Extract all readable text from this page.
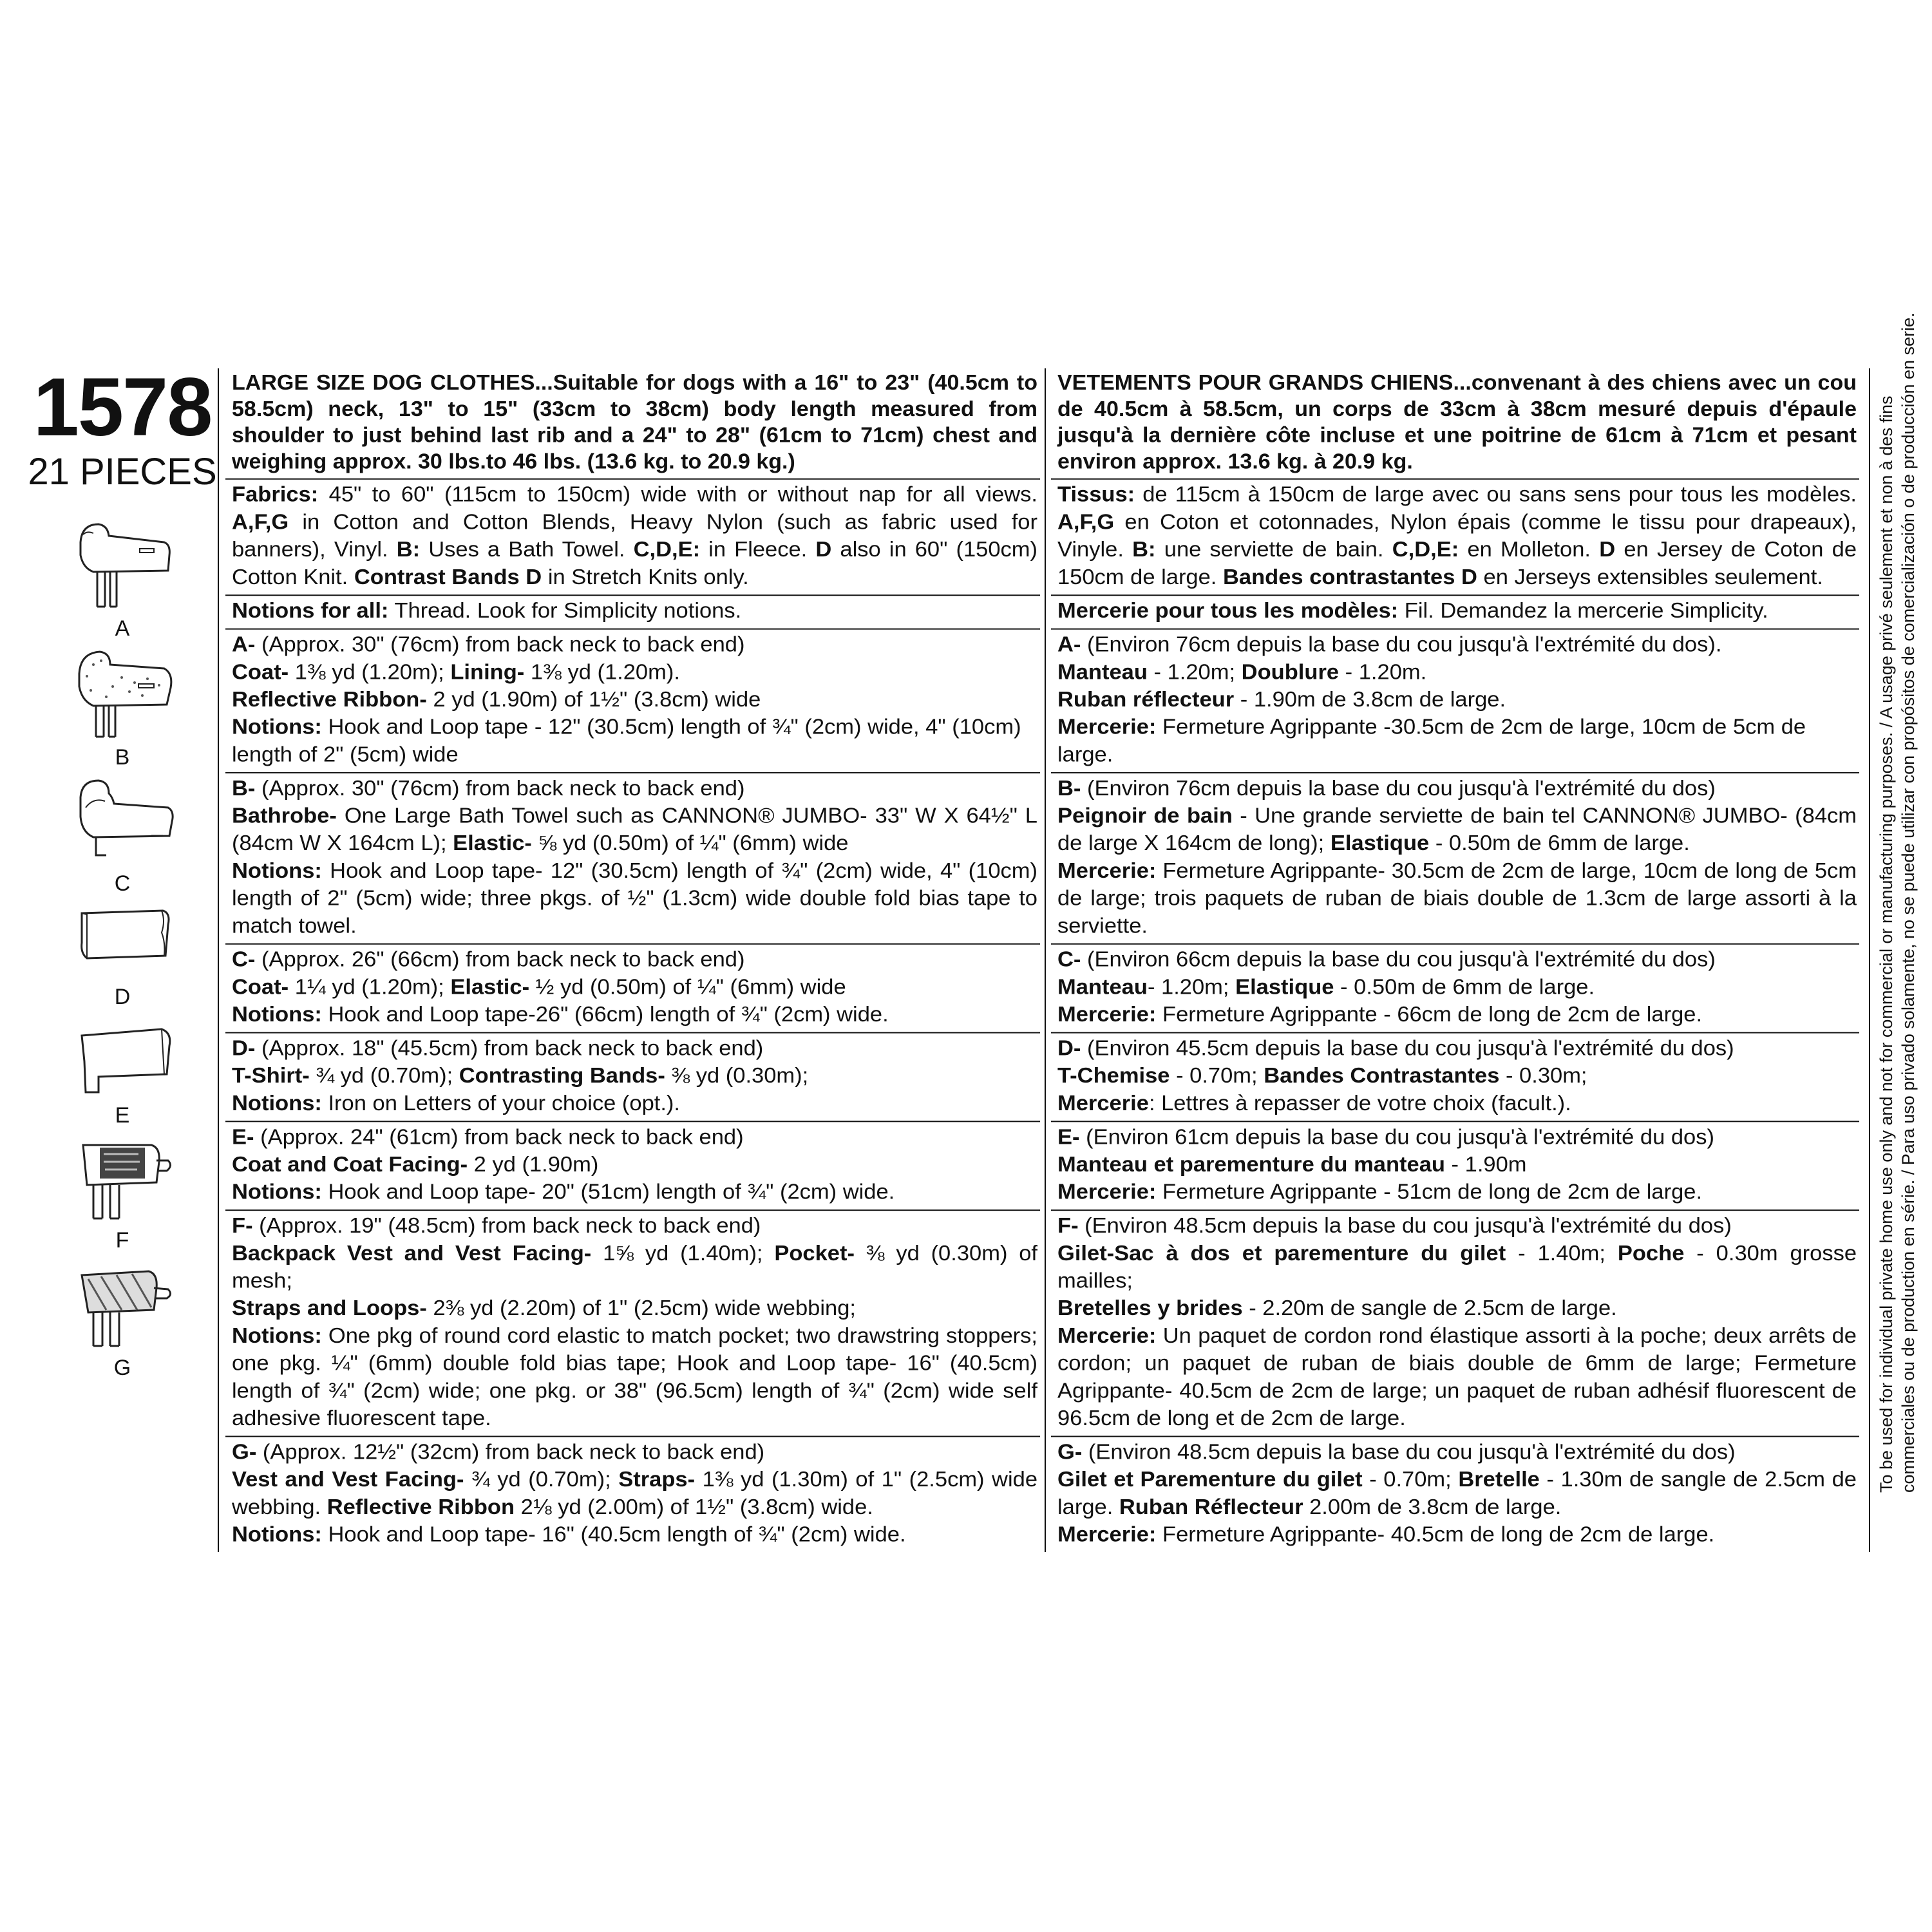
1578
21 PIECES
A
B
C
D
E
F
G

LARGE SIZE DOG CLOTHES...Suitable for dogs with a 16" to 23" (40.5cm to 58.5cm) neck, 13" to 15" (33cm to 38cm) body length measured from shoulder to just behind last rib and a 24" to 28" (61cm to 71cm) chest and weighing approx. 30 lbs.to 46 lbs. (13.6 kg. to 20.9 kg.)

Fabrics: 45" to 60" (115cm to 150cm) wide with or without nap for all views. A,F,G in Cotton and Cotton Blends, Heavy Nylon (such as fabric used for banners), Vinyl. B: Uses a Bath Towel. C,D,E: in Fleece. D also in 60" (150cm) Cotton Knit. Contrast Bands D in Stretch Knits only.

Notions for all: Thread. Look for Simplicity notions.

A- (Approx. 30" (76cm) from back neck to back end)

Coat- 1⅜ yd (1.20m); Lining- 1⅜ yd (1.20m).

Reflective Ribbon- 2 yd (1.90m) of 1½" (3.8cm) wide

Notions: Hook and Loop tape - 12" (30.5cm) length of ¾" (2cm) wide, 4" (10cm) length of 2" (5cm) wide

B- (Approx. 30" (76cm) from back neck to back end)

Bathrobe- One Large Bath Towel such as CANNON® JUMBO- 33" W X 64½" L (84cm W X 164cm L); Elastic- ⅝ yd (0.50m) of ¼" (6mm) wide

Notions: Hook and Loop tape- 12" (30.5cm) length of ¾" (2cm) wide, 4" (10cm) length of 2" (5cm) wide; three pkgs. of ½" (1.3cm) wide double fold bias tape to match towel.

C- (Approx. 26" (66cm) from back neck to back end)

Coat- 1¼ yd (1.20m); Elastic- ½ yd (0.50m) of ¼" (6mm) wide

Notions: Hook and Loop tape-26" (66cm) length of ¾" (2cm) wide.

D- (Approx. 18" (45.5cm) from back neck to back end)

T-Shirt- ¾ yd (0.70m); Contrasting Bands- ⅜ yd (0.30m);

Notions: Iron on Letters of your choice (opt.).

E- (Approx. 24" (61cm) from back neck to back end)

Coat and Coat Facing- 2 yd (1.90m)

Notions: Hook and Loop tape- 20" (51cm) length of ¾" (2cm) wide.

F- (Approx. 19" (48.5cm) from back neck to back end)

Backpack Vest and Vest Facing- 1⅝ yd (1.40m); Pocket- ⅜ yd (0.30m) of mesh;

Straps and Loops- 2⅜ yd (2.20m) of 1" (2.5cm) wide webbing;

Notions: One pkg of round cord elastic to match pocket; two drawstring stoppers; one pkg. ¼" (6mm) double fold bias tape; Hook and Loop tape- 16" (40.5cm) length of ¾" (2cm) wide; one pkg. or 38" (96.5cm) length of ¾" (2cm) wide self adhesive fluorescent tape.

G- (Approx. 12½" (32cm) from back neck to back end)

Vest and Vest Facing- ¾ yd (0.70m); Straps- 1⅜ yd (1.30m) of 1" (2.5cm) wide webbing. Reflective Ribbon 2⅛ yd (2.00m) of 1½" (3.8cm) wide.

Notions: Hook and Loop tape- 16" (40.5cm length of ¾" (2cm) wide.

VETEMENTS POUR GRANDS CHIENS...convenant à des chiens avec un cou de 40.5cm à 58.5cm, un corps de 33cm à 38cm mesuré depuis d'épaule jusqu'à la dernière côte incluse et une poitrine de 61cm à 71cm et pesant environ approx. 13.6 kg. à 20.9 kg.

Tissus: de 115cm à 150cm de large avec ou sans sens pour tous les modèles. A,F,G en Coton et cotonnades, Nylon épais (comme le tissu pour drapeaux), Vinyle. B: une serviette de bain. C,D,E: en Molleton. D en Jersey de Coton de 150cm de large. Bandes contrastantes D en Jerseys extensibles seulement.

Mercerie pour tous les modèles: Fil. Demandez la mercerie Simplicity.

A- (Environ 76cm depuis la base du cou jusqu'à l'extrémité du dos).

Manteau - 1.20m; Doublure - 1.20m.

Ruban réflecteur - 1.90m de 3.8cm de large.

Mercerie: Fermeture Agrippante -30.5cm de 2cm de large, 10cm de 5cm de large.

B- (Environ 76cm depuis la base du cou jusqu'à l'extrémité du dos)

Peignoir de bain - Une grande serviette de bain tel CANNON® JUMBO- (84cm de large X 164cm de long); Elastique - 0.50m de 6mm de large.

Mercerie: Fermeture Agrippante- 30.5cm de 2cm de large, 10cm de long de 5cm de large; trois paquets de ruban de biais double de 1.3cm de large assorti à la serviette.

C- (Environ 66cm depuis la base du cou jusqu'à l'extrémité du dos)

Manteau- 1.20m; Elastique - 0.50m de 6mm de large.

Mercerie: Fermeture Agrippante - 66cm de long de 2cm de large.

D- (Environ 45.5cm depuis la base du cou jusqu'à l'extrémité du dos)

T-Chemise - 0.70m; Bandes Contrastantes - 0.30m;

Mercerie: Lettres à repasser de votre choix (facult.).

E- (Environ 61cm depuis la base du cou jusqu'à l'extrémité du dos)

Manteau et parementure du manteau - 1.90m

Mercerie: Fermeture Agrippante - 51cm de long de 2cm de large.

F- (Environ 48.5cm depuis la base du cou jusqu'à l'extrémité du dos)

Gilet-Sac à dos et parementure du gilet - 1.40m; Poche - 0.30m grosse mailles;

Bretelles y brides - 2.20m de sangle de 2.5cm de large.

Mercerie: Un paquet de cordon rond élastique assorti à la poche; deux arrêts de cordon; un paquet de ruban de biais double de 6mm de large; Fermeture Agrippante- 40.5cm de 2cm de large; un paquet de ruban adhésif fluorescent de 96.5cm de long et de 2cm de large.

G- (Environ 48.5cm depuis la base du cou jusqu'à l'extrémité du dos)

Gilet et Parementure du gilet - 0.70m; Bretelle - 1.30m de sangle de 2.5cm de large. Ruban Réflecteur 2.00m de 3.8cm de large.

Mercerie: Fermeture Agrippante- 40.5cm de long de 2cm de large.

To be used for individual private home use only and not for commercial or manufacturing purposes. / A usage privé seulement et non à des fins commerciales ou de production en série. / Para uso privado solamente, no se puede utilizar con propósitos de comercialización o de producción en serie.
